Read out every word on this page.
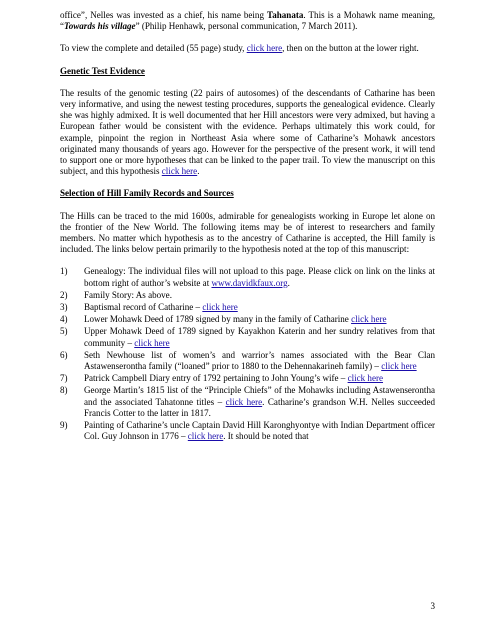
office”, Nelles was invested as a chief, his name being Tahanata. This is a Mohawk name meaning, “Towards his village” (Philip Henhawk, personal communication, 7 March 2011).

To view the complete and detailed (55 page) study, click here, then on the button at the lower right.

Genetic Test Evidence

The results of the genomic testing (22 pairs of autosomes) of the descendants of Catharine has been very informative, and using the newest testing procedures, supports the genealogical evidence. Clearly she was highly admixed. It is well documented that her Hill ancestors were very admixed, but having a European father would be consistent with the evidence. Perhaps ultimately this work could, for example, pinpoint the region in Northeast Asia where some of Catharine’s Mohawk ancestors originated many thousands of years ago. However for the perspective of the present work, it will tend to support one or more hypotheses that can be linked to the paper trail. To view the manuscript on this subject, and this hypothesis click here.

Selection of Hill Family Records and Sources

The Hills can be traced to the mid 1600s, admirable for genealogists working in Europe let alone on the frontier of the New World. The following items may be of interest to researchers and family members. No matter which hypothesis as to the ancestry of Catharine is accepted, the Hill family is included. The links below pertain primarily to the hypothesis noted at the top of this manuscript:

1)	Genealogy: The individual files will not upload to this page. Please click on link on the links at bottom right of author’s website at www.davidkfaux.org.
2)	Family Story: As above.
3)	Baptismal record of Catharine – click here
4)	Lower Mohawk Deed of 1789 signed by many in the family of Catharine click here
5)	Upper Mohawk Deed of 1789 signed by Kayakhon Katerin and her sundry relatives from that community – click here
6)	Seth Newhouse list of women’s and warrior’s names associated with the Bear Clan Astawenserontha family (“loaned” prior to 1880 to the Dehennakarineh family) – click here
7)	Patrick Campbell Diary entry of 1792 pertaining to John Young’s wife – click here
8)	George Martin’s 1815 list of the “Principle Chiefs” of the Mohawks including Astawenserontha and the associated Tahatonne titles – click here. Catharine’s grandson W.H. Nelles succeeded Francis Cotter to the latter in 1817.
9)	Painting of Catharine’s uncle Captain David Hill Karonghyontye with Indian Department officer Col. Guy Johnson in 1776 – click here. It should be noted that
3
